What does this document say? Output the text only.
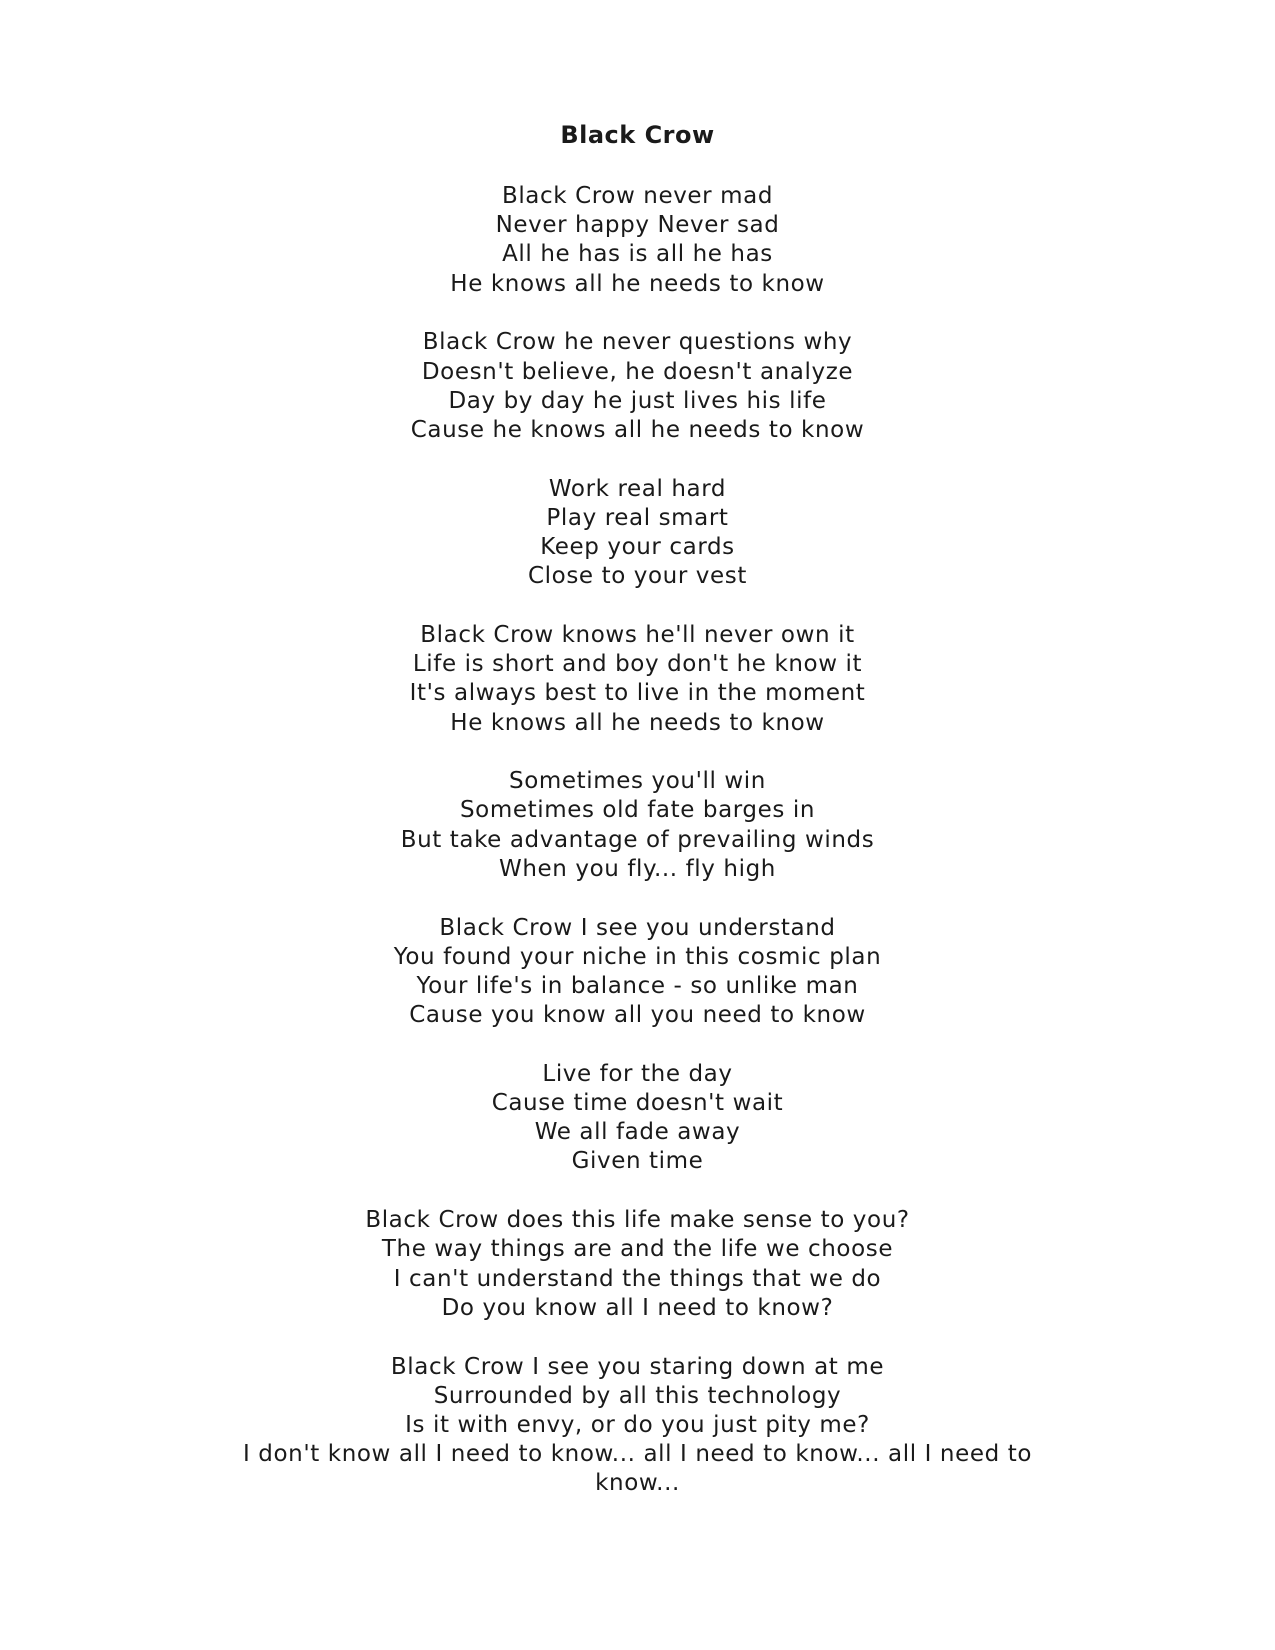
Black Crow
Black Crow never mad
Never happy Never sad
All he has is all he has
He knows all he needs to know
Black Crow he never questions why
Doesn't believe, he doesn't analyze
Day by day he just lives his life
Cause he knows all he needs to know
Work real hard
Play real smart
Keep your cards
Close to your vest
Black Crow knows he'll never own it
Life is short and boy don't he know it
It's always best to live in the moment
He knows all he needs to know
Sometimes you'll win
Sometimes old fate barges in
But take advantage of prevailing winds
When you fly... fly high
Black Crow I see you understand
You found your niche in this cosmic plan
Your life's in balance - so unlike man
Cause you know all you need to know
Live for the day
Cause time doesn't wait
We all fade away
Given time
Black Crow does this life make sense to you?
The way things are and the life we choose
I can't understand the things that we do
Do you know all I need to know?
Black Crow I see you staring down at me
Surrounded by all this technology
Is it with envy, or do you just pity me?
I don't know all I need to know... all I need to know... all I need to know...
